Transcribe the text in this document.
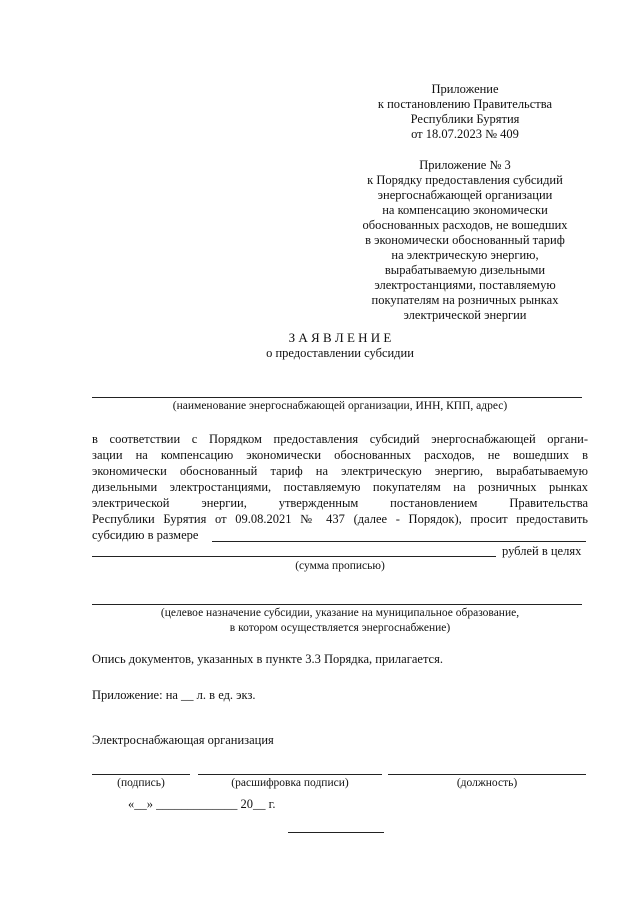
Приложение
к постановлению Правительства
Республики Бурятия
от 18.07.2023 № 409
Приложение № 3
к Порядку предоставления субсидий
энергоснабжающей организации
на компенсацию экономически
обоснованных расходов, не вошедших
в экономически обоснованный тариф
на электрическую энергию,
вырабатываемую дизельными
электростанциями, поставляемую
покупателям на розничных рынках
электрической энергии
З А Я В Л Е Н И Е
о предоставлении субсидии
(наименование энергоснабжающей организации, ИНН, КПП, адрес)
в соответствии с Порядком предоставления субсидий энергоснабжающей органи-
зации на компенсацию экономически обоснованных расходов, не вошедших в
экономически обоснованный тариф на электрическую энергию, вырабатываемую
дизельными электростанциями, поставляемую покупателям на розничных рынках
электрической энергии, утвержденным постановлением Правительства
Республики Бурятия от 09.08.2021 № 437 (далее - Порядок), просит предоставить
субсидию в размере
рублей в целях
(сумма прописью)
(целевое назначение субсидии, указание на муниципальное образование,
в котором осуществляется энергоснабжение)
Опись документов, указанных в пункте 3.3 Порядка, прилагается.
Приложение: на __ л. в ед. экз.
Электроснабжающая организация
(подпись)	(расшифровка подписи)	(должность)
«__» _____________ 20__ г.
